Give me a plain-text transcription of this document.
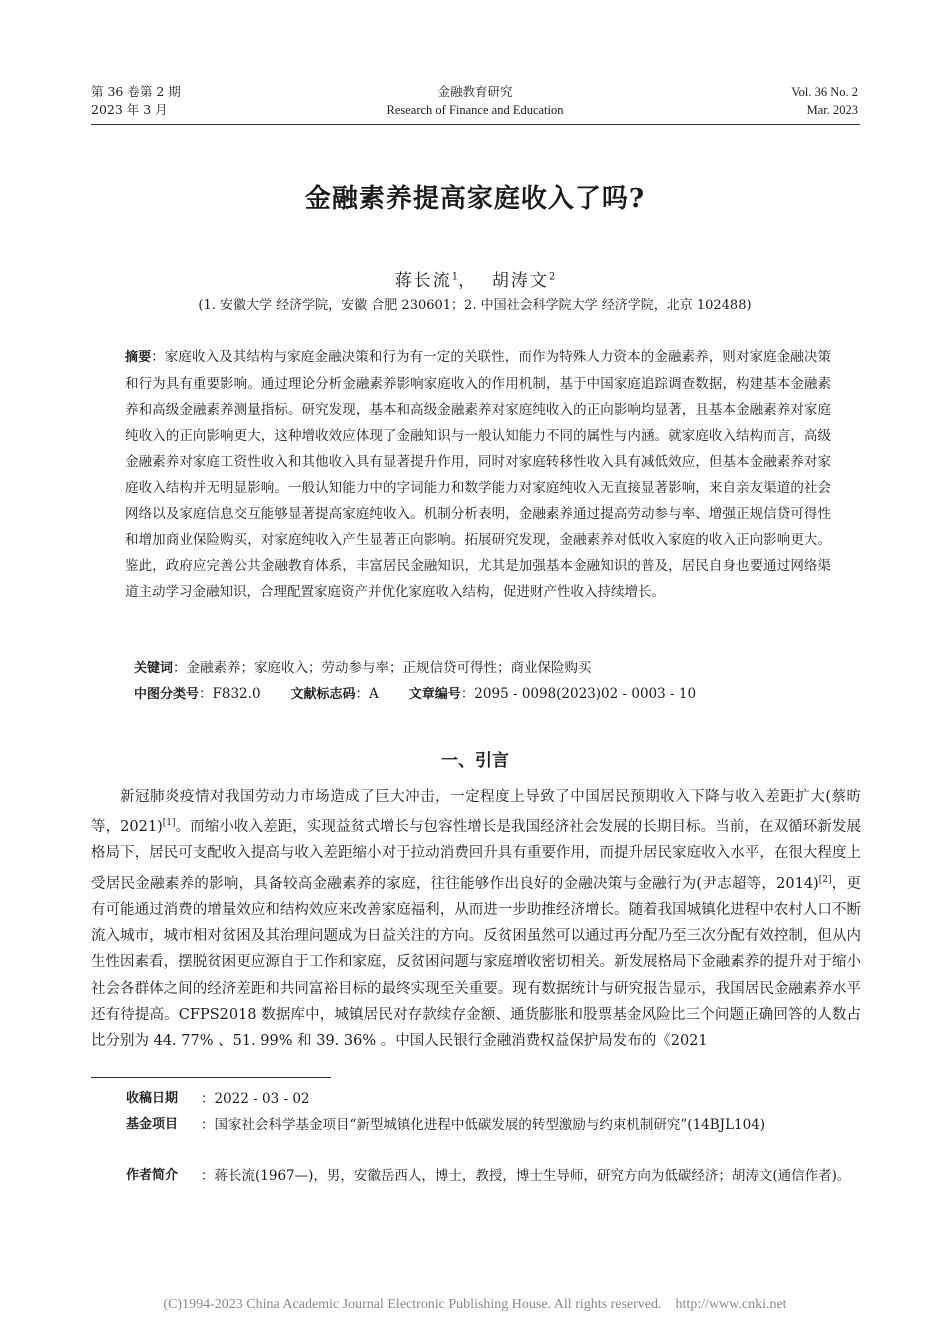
第 36 卷第 2 期
2023 年 3 月
金融教育研究
Research of Finance and Education
Vol. 36 No. 2
Mar. 2023
金融素养提高家庭收入了吗?
蒋长流$^1$， 胡涛文$^2$
(1. 安徽大学 经济学院，安徽 合肥 230601；2. 中国社会科学院大学 经济学院，北京 102488)
摘要：家庭收入及其结构与家庭金融决策和行为有一定的关联性，而作为特殊人力资本的金融素养，则对家庭金融决策和行为具有重要影响。通过理论分析金融素养影响家庭收入的作用机制，基于中国家庭追踪调查数据，构建基本金融素养和高级金融素养测量指标。研究发现，基本和高级金融素养对家庭纯收入的正向影响均显著，且基本金融素养对家庭纯收入的正向影响更大，这种增收效应体现了金融知识与一般认知能力不同的属性与内涵。就家庭收入结构而言，高级金融素养对家庭工资性收入和其他收入具有显著提升作用，同时对家庭转移性收入具有减低效应，但基本金融素养对家庭收入结构并无明显影响。一般认知能力中的字词能力和数学能力对家庭纯收入无直接显著影响，来自亲友渠道的社会网络以及家庭信息交互能够显著提高家庭纯收入。机制分析表明，金融素养通过提高劳动参与率、增强正规信贷可得性和增加商业保险购买，对家庭纯收入产生显著正向影响。拓展研究发现，金融素养对低收入家庭的收入正向影响更大。鉴此，政府应完善公共金融教育体系，丰富居民金融知识，尤其是加强基本金融知识的普及，居民自身也要通过网络渠道主动学习金融知识，合理配置家庭资产并优化家庭收入结构，促进财产性收入持续增长。
关键词：金融素养；家庭收入；劳动参与率；正规信贷可得性；商业保险购买
中图分类号：F832.0 文献标志码：A 文章编号：2095 - 0098(2023)02 - 0003 - 10
一、引言
新冠肺炎疫情对我国劳动力市场造成了巨大冲击，一定程度上导致了中国居民预期收入下降与收入差距扩大(蔡昉等，2021)[1]。而缩小收入差距，实现益贫式增长与包容性增长是我国经济社会发展的长期目标。当前，在双循环新发展格局下，居民可支配收入提高与收入差距缩小对于拉动消费回升具有重要作用，而提升居民家庭收入水平，在很大程度上受居民金融素养的影响，具备较高金融素养的家庭，往往能够作出良好的金融决策与金融行为(尹志超等，2014)[2]，更有可能通过消费的增量效应和结构效应来改善家庭福利，从而进一步助推经济增长。随着我国城镇化进程中农村人口不断流入城市，城市相对贫困及其治理问题成为日益关注的方向。反贫困虽然可以通过再分配乃至三次分配有效控制，但从内生性因素看，摆脱贫困更应源自于工作和家庭，反贫困问题与家庭增收密切相关。新发展格局下金融素养的提升对于缩小社会各群体之间的经济差距和共同富裕目标的最终实现至关重要。现有数据统计与研究报告显示，我国居民金融素养水平还有待提高。CFPS2018 数据库中，城镇居民对存款续存金额、通货膨胀和股票基金风险比三个问题正确回答的人数占比分别为 44. 77% 、51. 99% 和 39. 36% 。中国人民银行金融消费权益保护局发布的《2021
收稿日期	：2022 - 03 - 02
基金项目	：国家社会科学基金项目“新型城镇化进程中低碳发展的转型激励与约束机制研究”(14BJL104)
作者简介	：蒋长流(1967—)，男，安徽岳西人，博士，教授，博士生导师，研究方向为低碳经济；胡涛文(通信作者)。
(C)1994-2023 China Academic Journal Electronic Publishing House. All rights reserved.    http://www.cnki.net
